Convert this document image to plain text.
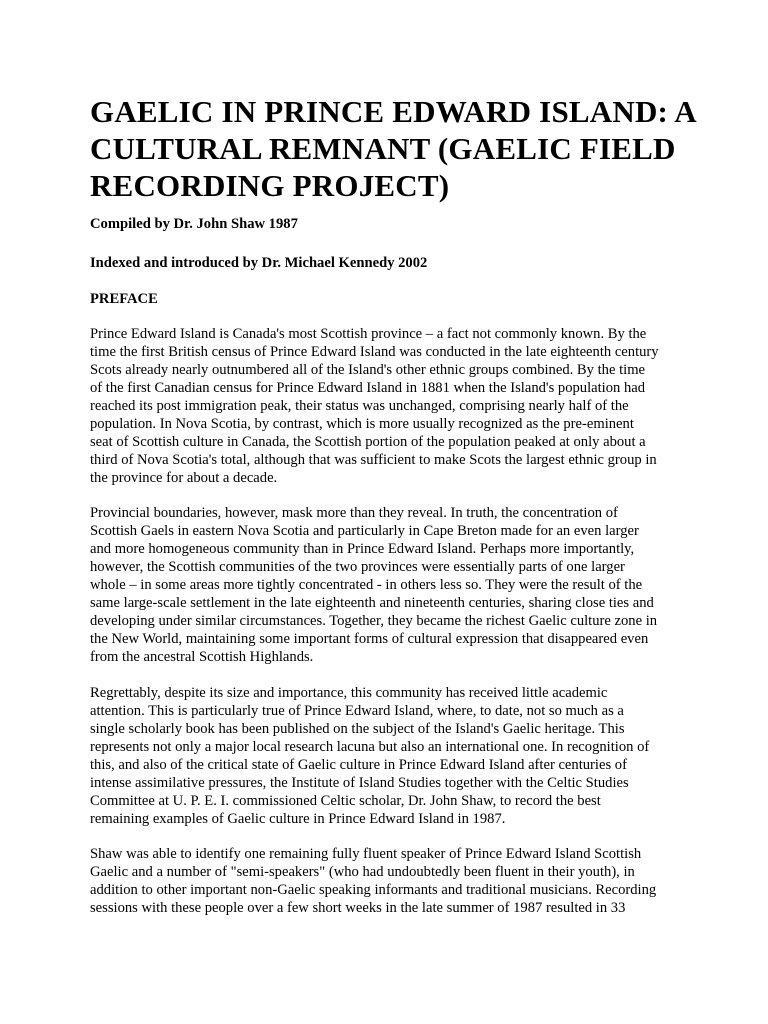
GAELIC IN PRINCE EDWARD ISLAND: A
CULTURAL REMNANT (GAELIC FIELD
RECORDING PROJECT)

Compiled by Dr. John Shaw 1987

Indexed and introduced by Dr. Michael Kennedy 2002

PREFACE

Prince Edward Island is Canada's most Scottish province – a fact not commonly known. By the
time the first British census of Prince Edward Island was conducted in the late eighteenth century
Scots already nearly outnumbered all of the Island's other ethnic groups combined. By the time
of the first Canadian census for Prince Edward Island in 1881 when the Island's population had
reached its post immigration peak, their status was unchanged, comprising nearly half of the
population. In Nova Scotia, by contrast, which is more usually recognized as the pre-eminent
seat of Scottish culture in Canada, the Scottish portion of the population peaked at only about a
third of Nova Scotia's total, although that was sufficient to make Scots the largest ethnic group in
the province for about a decade.
Provincial boundaries, however, mask more than they reveal. In truth, the concentration of
Scottish Gaels in eastern Nova Scotia and particularly in Cape Breton made for an even larger
and more homogeneous community than in Prince Edward Island. Perhaps more importantly,
however, the Scottish communities of the two provinces were essentially parts of one larger
whole – in some areas more tightly concentrated - in others less so. They were the result of the
same large-scale settlement in the late eighteenth and nineteenth centuries, sharing close ties and
developing under similar circumstances. Together, they became the richest Gaelic culture zone in
the New World, maintaining some important forms of cultural expression that disappeared even
from the ancestral Scottish Highlands.
Regrettably, despite its size and importance, this community has received little academic
attention. This is particularly true of Prince Edward Island, where, to date, not so much as a
single scholarly book has been published on the subject of the Island's Gaelic heritage. This
represents not only a major local research lacuna but also an international one. In recognition of
this, and also of the critical state of Gaelic culture in Prince Edward Island after centuries of
intense assimilative pressures, the Institute of Island Studies together with the Celtic Studies
Committee at U. P. E. I. commissioned Celtic scholar, Dr. John Shaw, to record the best
remaining examples of Gaelic culture in Prince Edward Island in 1987.
Shaw was able to identify one remaining fully fluent speaker of Prince Edward Island Scottish
Gaelic and a number of "semi-speakers" (who had undoubtedly been fluent in their youth), in
addition to other important non-Gaelic speaking informants and traditional musicians. Recording
sessions with these people over a few short weeks in the late summer of 1987 resulted in 33
